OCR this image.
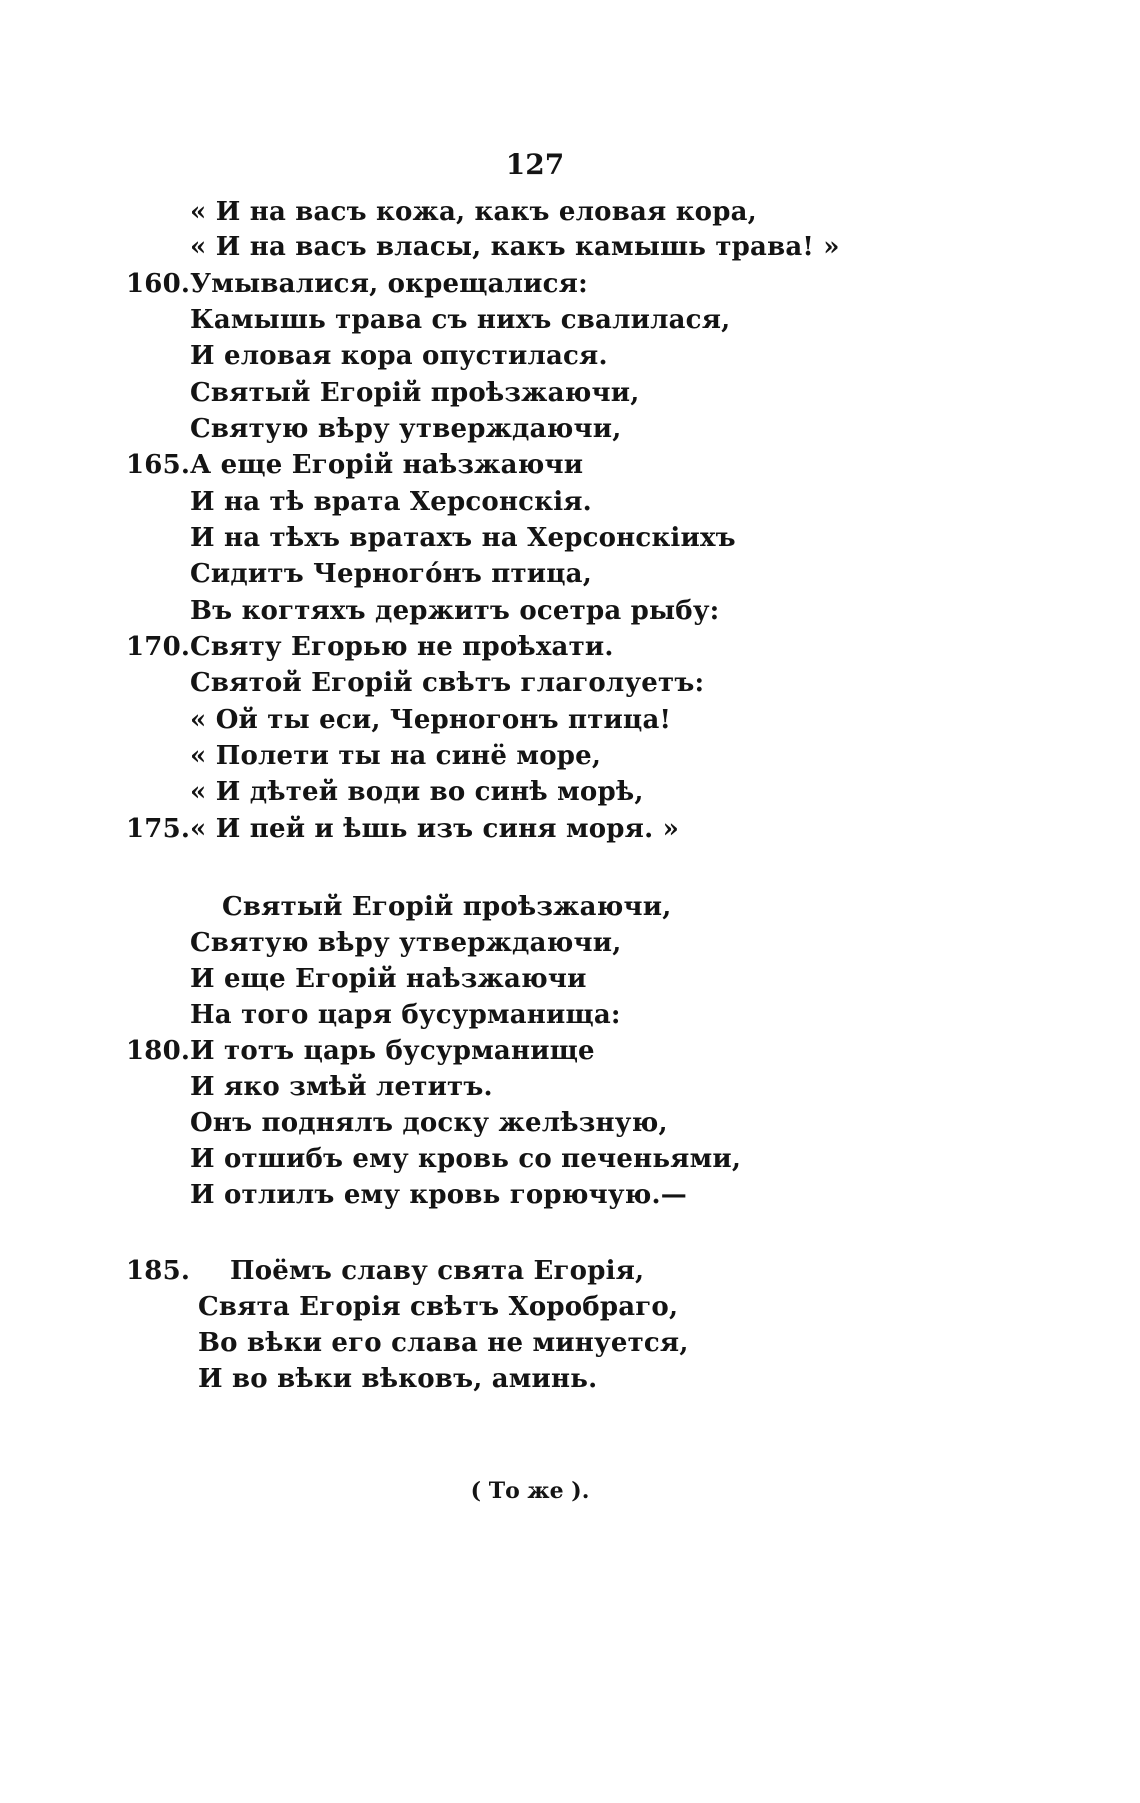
127
« И на васъ кожа, какъ еловая кора,
« И на васъ власы, какъ камышь трава! »
160. Умывалися, окрещалися:
Камышь трава съ нихъ свалилася,
И еловая кора опустилася.
Святый Егорій проѣзжаючи,
Святую вѣру утверждаючи,
165. А еще Егорій наѣзжаючи
И на тѣ врата Херсонскія.
И на тѣхъ вратахъ на Херсонскіихъ
Сидитъ Черногóнъ птица,
Въ когтяхъ держитъ осетра рыбу:
170. Святу Егорью не проѣхати.
Святой Егорій свѣтъ глаголуетъ:
« Ой ты еси, Черногонъ птица!
« Полети ты на синё море,
« И дѣтей води во синѣ морѣ,
175. « И пей и ѣшь изъ синя моря. »
Святый Егорій проѣзжаючи,
Святую вѣру утверждаючи,
И еще Егорій наѣзжаючи
На того царя бусурманища:
180. И тотъ царь бусурманище
И яко змѣй летитъ.
Онъ поднялъ доску желѣзную,
И отшибъ ему кровь со печеньями,
И отлилъ ему кровь горючую.—
185. Поёмъ славу свята Егорія,
Свята Егорія свѣтъ Хоробраго,
Во вѣки его слава не минуется,
И во вѣки вѣковъ, аминь.
( То же ).
